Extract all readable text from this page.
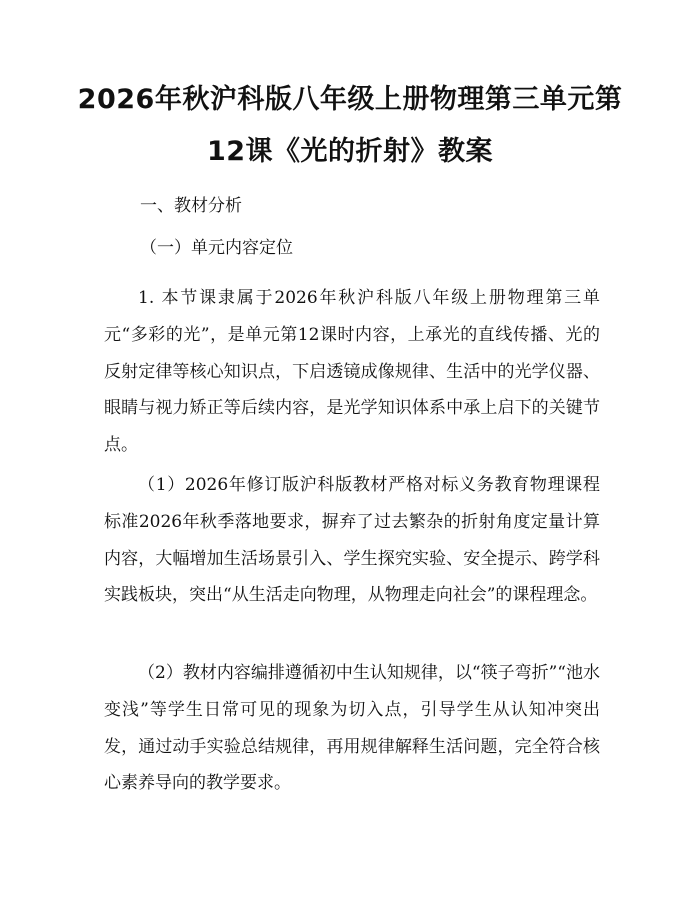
2026年秋沪科版八年级上册物理第三单元第
12课《光的折射》教案
一、教材分析
（一）单元内容定位

1. 本节课隶属于2026年秋沪科版八年级上册物理第三单元“多彩的光”，是单元第12课时内容，上承光的直线传播、光的反射定律等核心知识点，下启透镜成像规律、生活中的光学仪器、眼睛与视力矫正等后续内容，是光学知识体系中承上启下的关键节点。

（1）2026年修订版沪科版教材严格对标义务教育物理课程标准2026年秋季落地要求，摒弃了过去繁杂的折射角度定量计算内容，大幅增加生活场景引入、学生探究实验、安全提示、跨学科实践板块，突出“从生活走向物理，从物理走向社会”的课程理念。

（2）教材内容编排遵循初中生认知规律，以“筷子弯折”“池水变浅”等学生日常可见的现象为切入点，引导学生从认知冲突出发，通过动手实验总结规律，再用规律解释生活问题，完全符合核心素养导向的教学要求。
